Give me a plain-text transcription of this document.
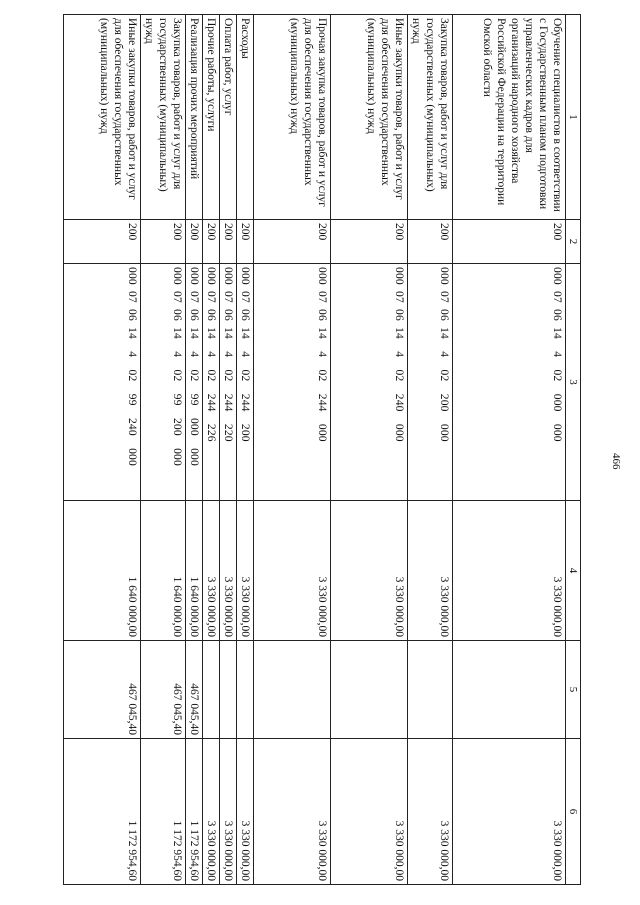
466
1	2	3	4	5	6
Обучение специалистов в соответствии с Государственным планом подготовки управленческих кадров для организаций народного хозяйства Российской Федерации на территории Омской области	200	000  07  06  14    4    02    000    000	3 330 000,00		3 330 000,00
Закупка товаров, работ и услуг для государственных (муниципальных) нужд	200	000  07  06  14    4    02    200    000	3 330 000,00		3 330 000,00
Иные закупки товаров, работ и услуг для обеспечения государственных (муниципальных) нужд	200	000  07  06  14    4    02    240    000	3 330 000,00		3 330 000,00
Прочая закупка товаров, работ и услуг для обеспечения государственных (муниципальных) нужд	200	000  07  06  14    4    02    244    000	3 330 000,00		3 330 000,00
Расходы	200	000  07  06  14    4    02    244    200	3 330 000,00		3 330 000,00
Оплата работ, услуг	200	000  07  06  14    4    02    244    220	3 330 000,00		3 330 000,00
Прочие работы, услуги	200	000  07  06  14    4    02    244    226	3 330 000,00		3 330 000,00
Реализация прочих мероприятий	200	000  07  06  14    4    02    99    000    000	1 640 000,00	467 045,40	1 172 954,60
Закупка товаров, работ и услуг для государственных (муниципальных) нужд	200	000  07  06  14    4    02    99    200    000	1 640 000,00	467 045,40	1 172 954,60
Иные закупки товаров, работ и услуг для обеспечения государственных (муниципальных) нужд	200	000  07  06  14    4    02    99    240    000	1 640 000,00	467 045,40	1 172 954,60
